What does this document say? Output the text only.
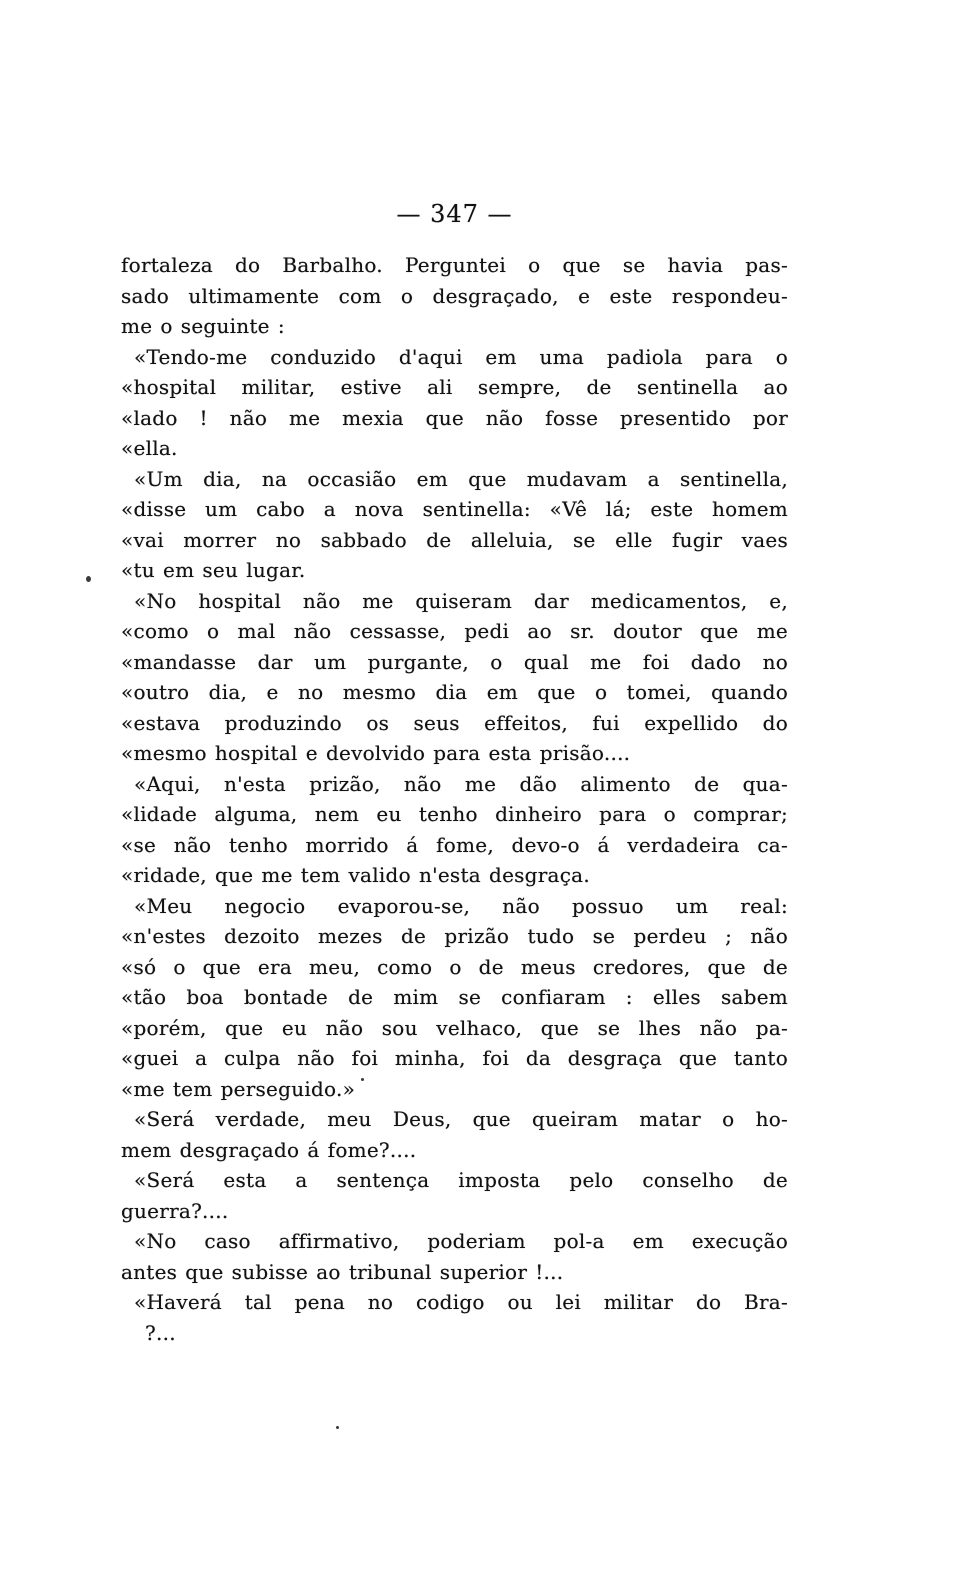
— 347 —
fortaleza do Barbalho. Perguntei o que se havia pas-
sado ultimamente com o desgraçado, e este respondeu-
me o seguinte :
«Tendo-me conduzido d'aqui em uma padiola para o
«hospital militar, estive ali sempre, de sentinella ao
«lado ! não me mexia que não fosse presentido por
«ella.
«Um dia, na occasião em que mudavam a sentinella,
«disse um cabo a nova sentinella: «Vê lá; este homem
«vai morrer no sabbado de alleluia, se elle fugir vaes
«tu em seu lugar.
«No hospital não me quiseram dar medicamentos, e,
«como o mal não cessasse, pedi ao sr. doutor que me
«mandasse dar um purgante, o qual me foi dado no
«outro dia, e no mesmo dia em que o tomei, quando
«estava produzindo os seus effeitos, fui expellido do
«mesmo hospital e devolvido para esta prisão....
«Aqui, n'esta prizão, não me dão alimento de qua-
«lidade alguma, nem eu tenho dinheiro para o comprar;
«se não tenho morrido á fome, devo-o á verdadeira ca-
«ridade, que me tem valido n'esta desgraça.
«Meu negocio evaporou-se, não possuo um real:
«n'estes dezoito mezes de prizão tudo se perdeu ; não
«só o que era meu, como o de meus credores, que de
«tão boa bontade de mim se confiaram : elles sabem
«porém, que eu não sou velhaco, que se lhes não pa-
«guei a culpa não foi minha, foi da desgraça que tanto
«me tem perseguido.»
«Será verdade, meu Deus, que queiram matar o ho-
mem desgraçado á fome?....
«Será esta a sentença imposta pelo conselho de
guerra?....
«No caso affirmativo, poderiam pol-a em execução
antes que subisse ao tribunal superior !...
«Haverá tal pena no codigo ou lei militar do Bra-
?...
